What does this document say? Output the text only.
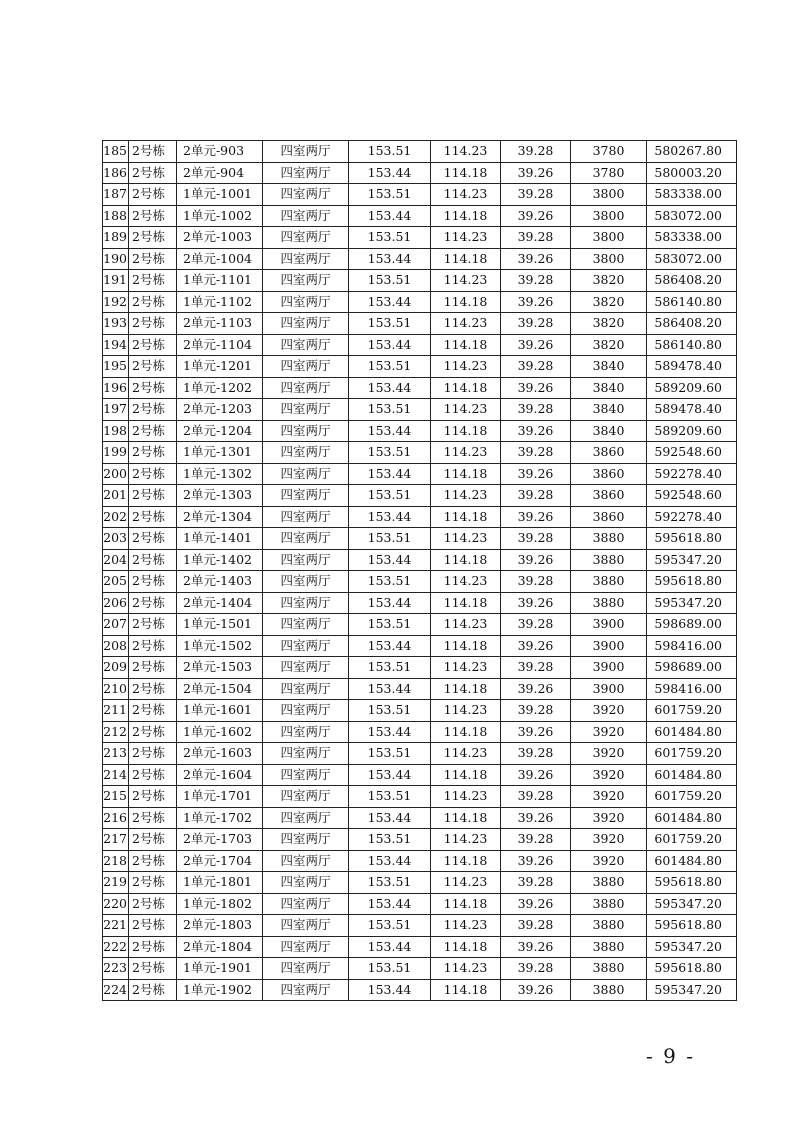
185	2号栋	2单元-903	四室两厅	153.51	114.23	39.28	3780	580267.80
186	2号栋	2单元-904	四室两厅	153.44	114.18	39.26	3780	580003.20
187	2号栋	1单元-1001	四室两厅	153.51	114.23	39.28	3800	583338.00
188	2号栋	1单元-1002	四室两厅	153.44	114.18	39.26	3800	583072.00
189	2号栋	2单元-1003	四室两厅	153.51	114.23	39.28	3800	583338.00
190	2号栋	2单元-1004	四室两厅	153.44	114.18	39.26	3800	583072.00
191	2号栋	1单元-1101	四室两厅	153.51	114.23	39.28	3820	586408.20
192	2号栋	1单元-1102	四室两厅	153.44	114.18	39.26	3820	586140.80
193	2号栋	2单元-1103	四室两厅	153.51	114.23	39.28	3820	586408.20
194	2号栋	2单元-1104	四室两厅	153.44	114.18	39.26	3820	586140.80
195	2号栋	1单元-1201	四室两厅	153.51	114.23	39.28	3840	589478.40
196	2号栋	1单元-1202	四室两厅	153.44	114.18	39.26	3840	589209.60
197	2号栋	2单元-1203	四室两厅	153.51	114.23	39.28	3840	589478.40
198	2号栋	2单元-1204	四室两厅	153.44	114.18	39.26	3840	589209.60
199	2号栋	1单元-1301	四室两厅	153.51	114.23	39.28	3860	592548.60
200	2号栋	1单元-1302	四室两厅	153.44	114.18	39.26	3860	592278.40
201	2号栋	2单元-1303	四室两厅	153.51	114.23	39.28	3860	592548.60
202	2号栋	2单元-1304	四室两厅	153.44	114.18	39.26	3860	592278.40
203	2号栋	1单元-1401	四室两厅	153.51	114.23	39.28	3880	595618.80
204	2号栋	1单元-1402	四室两厅	153.44	114.18	39.26	3880	595347.20
205	2号栋	2单元-1403	四室两厅	153.51	114.23	39.28	3880	595618.80
206	2号栋	2单元-1404	四室两厅	153.44	114.18	39.26	3880	595347.20
207	2号栋	1单元-1501	四室两厅	153.51	114.23	39.28	3900	598689.00
208	2号栋	1单元-1502	四室两厅	153.44	114.18	39.26	3900	598416.00
209	2号栋	2单元-1503	四室两厅	153.51	114.23	39.28	3900	598689.00
210	2号栋	2单元-1504	四室两厅	153.44	114.18	39.26	3900	598416.00
211	2号栋	1单元-1601	四室两厅	153.51	114.23	39.28	3920	601759.20
212	2号栋	1单元-1602	四室两厅	153.44	114.18	39.26	3920	601484.80
213	2号栋	2单元-1603	四室两厅	153.51	114.23	39.28	3920	601759.20
214	2号栋	2单元-1604	四室两厅	153.44	114.18	39.26	3920	601484.80
215	2号栋	1单元-1701	四室两厅	153.51	114.23	39.28	3920	601759.20
216	2号栋	1单元-1702	四室两厅	153.44	114.18	39.26	3920	601484.80
217	2号栋	2单元-1703	四室两厅	153.51	114.23	39.28	3920	601759.20
218	2号栋	2单元-1704	四室两厅	153.44	114.18	39.26	3920	601484.80
219	2号栋	1单元-1801	四室两厅	153.51	114.23	39.28	3880	595618.80
220	2号栋	1单元-1802	四室两厅	153.44	114.18	39.26	3880	595347.20
221	2号栋	2单元-1803	四室两厅	153.51	114.23	39.28	3880	595618.80
222	2号栋	2单元-1804	四室两厅	153.44	114.18	39.26	3880	595347.20
223	2号栋	1单元-1901	四室两厅	153.51	114.23	39.28	3880	595618.80
224	2号栋	1单元-1902	四室两厅	153.44	114.18	39.26	3880	595347.20
- 9 -
